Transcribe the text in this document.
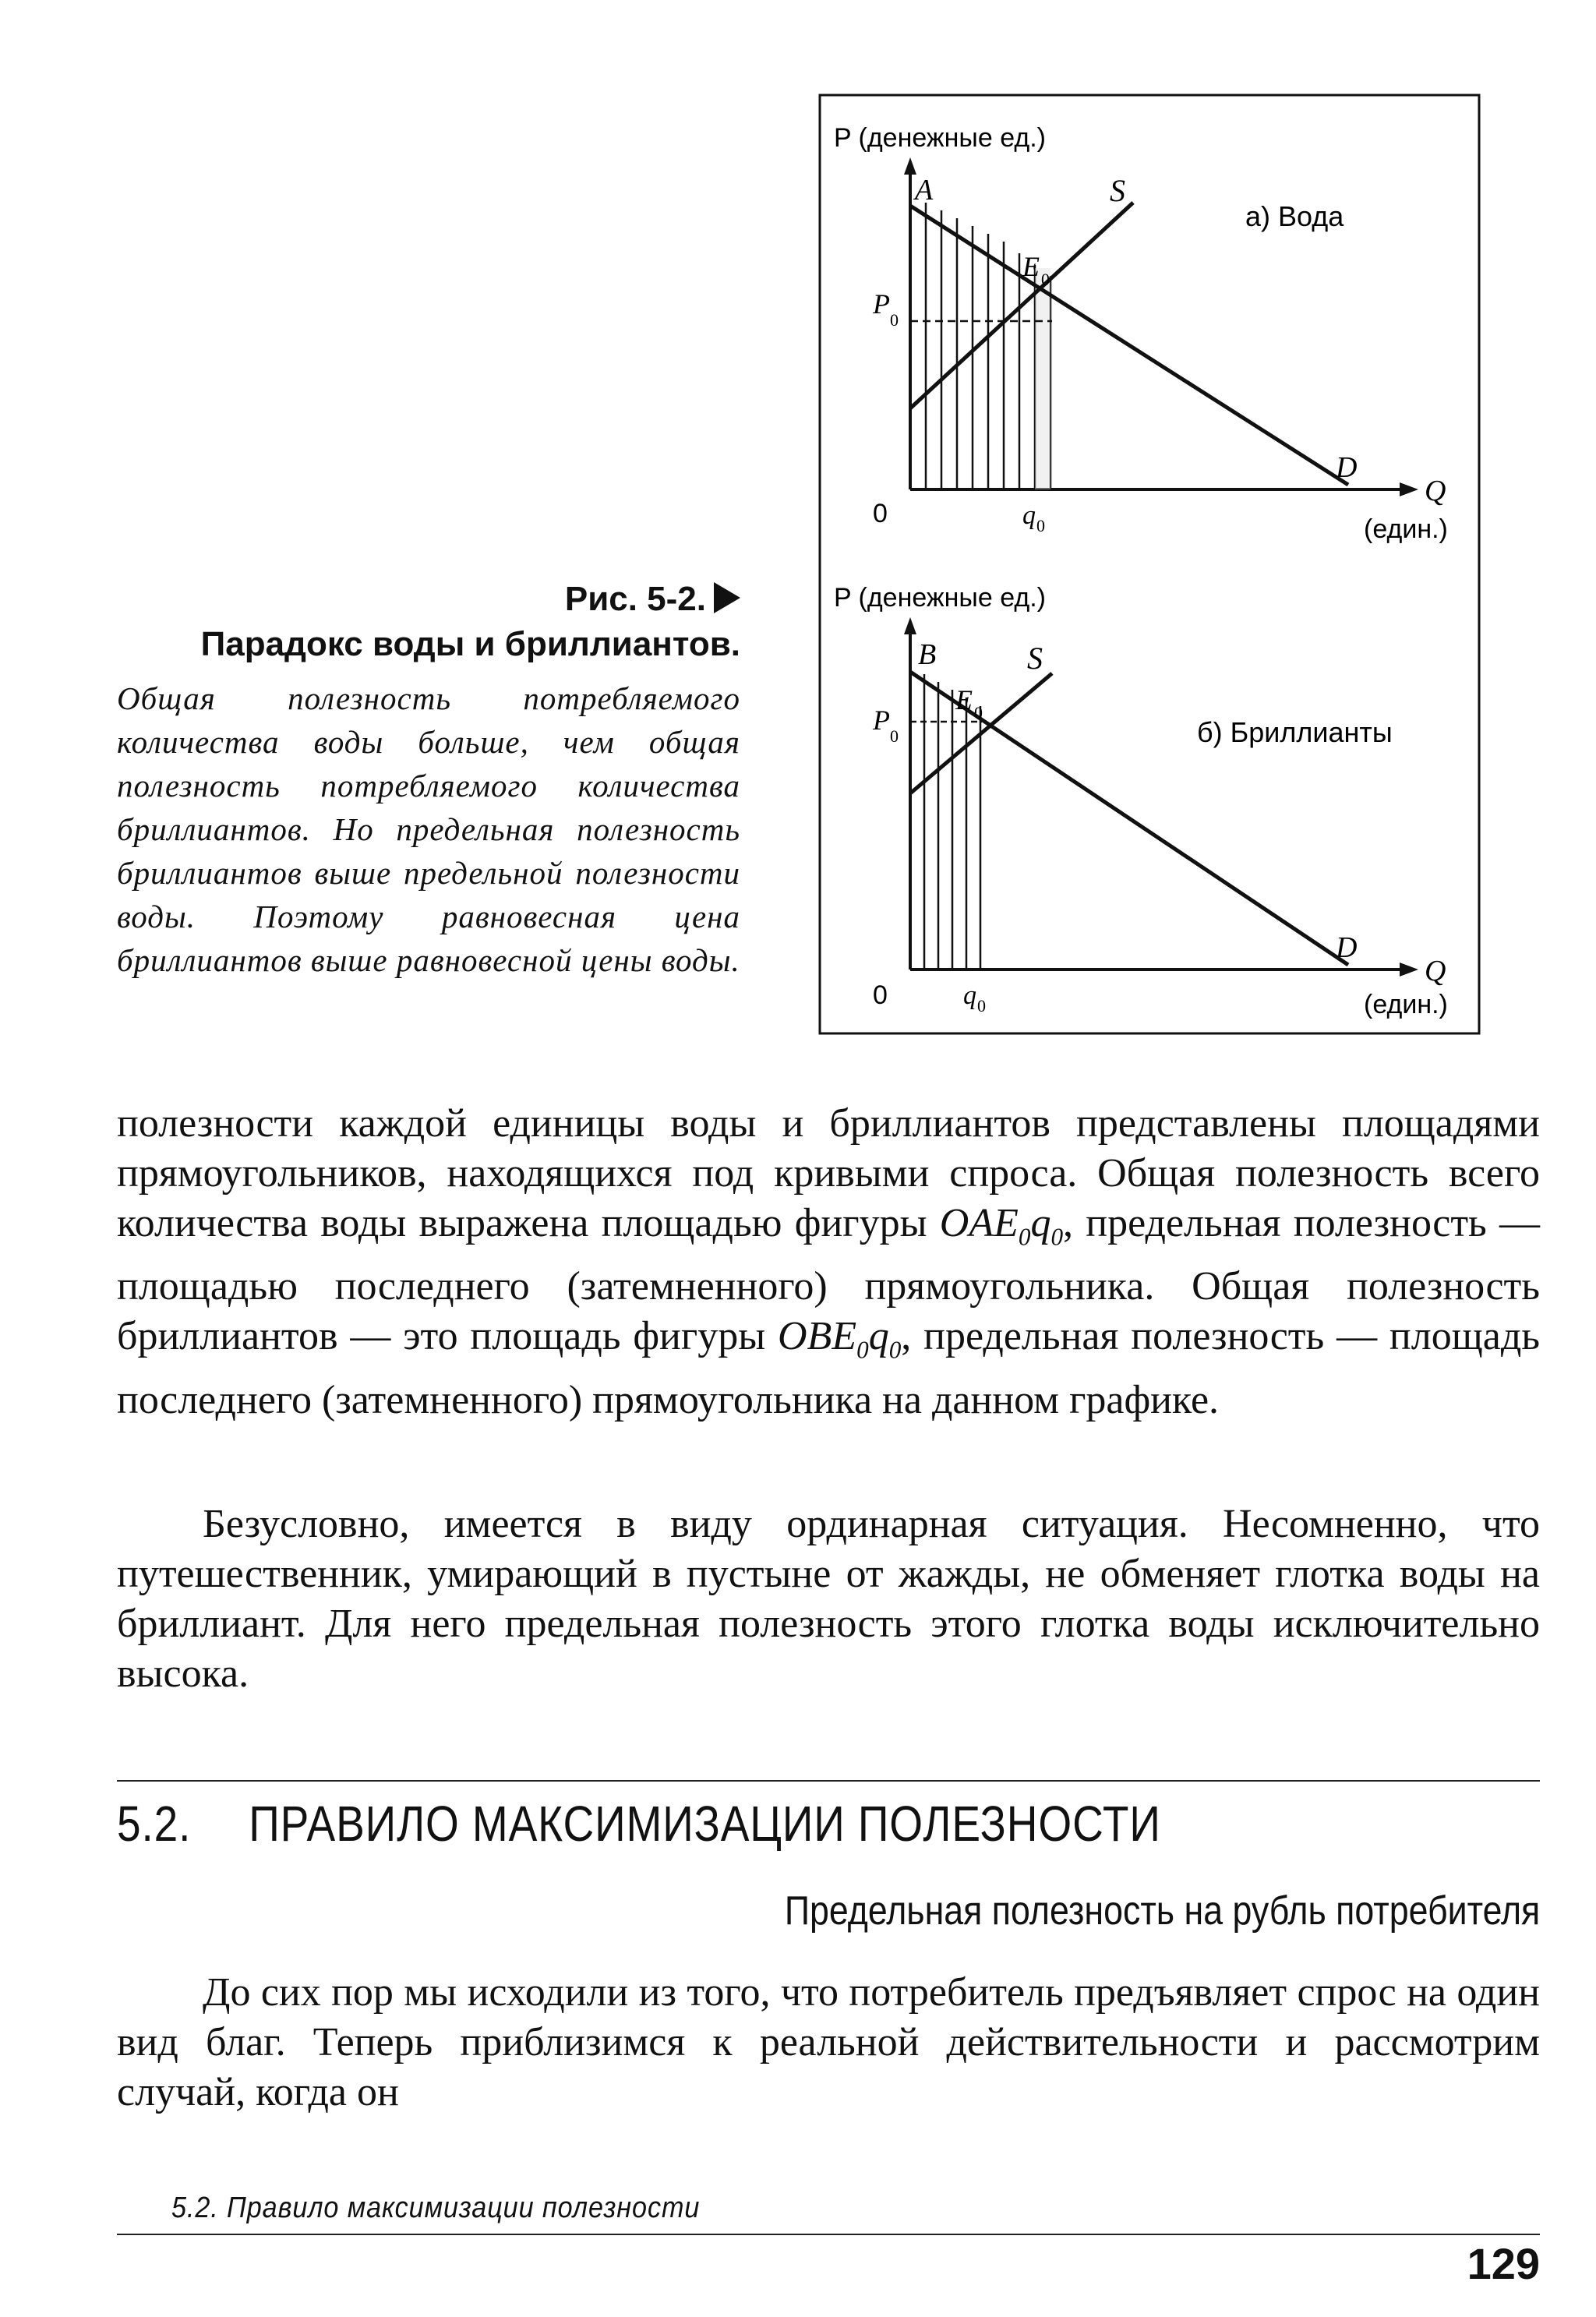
Рис. 5-2.
Парадокс воды и бриллиантов.
Общая полезность потребляемого количества воды больше, чем общая полезность потребляемого количества бриллиантов. Но предельная полезность бриллиантов выше предельной полезности воды. Поэтому равновесная цена бриллиантов выше равновесной цены воды.
P (денежные ед.)
A	S
E 0
P
0
а) Вода
D
Q
0	q 0	(един.)
P (денежные ед.)
B	S
E 0
P
0	б) Бриллианты
D
Q
0	q 0	(един.)
полезности каждой единицы воды и бриллиантов представлены площадями прямоугольников, находящихся под кривыми спроса. Общая полезность всего количества воды выражена площадью фигуры $OAE_0q_0$, предельная полезность — площадью последнего (затемненного) прямоугольника. Общая полезность бриллиантов — это площадь фигуры $OBE_0q_0$, предельная полезность — площадь последнего (затемненного) прямоугольника на данном графике.
Безусловно, имеется в виду ординарная ситуация. Несомненно, что путешественник, умирающий в пустыне от жажды, не обменяет глотка воды на бриллиант. Для него предельная полезность этого глотка воды исключительно высока.
5.2. ПРАВИЛО МАКСИМИЗАЦИИ ПОЛЕЗНОСТИ
Предельная полезность на рубль потребителя
До сих пор мы исходили из того, что потребитель предъявляет спрос на один вид благ. Теперь приблизимся к реальной действительности и рассмотрим случай, когда он
5.2. Правило максимизации полезности
129
